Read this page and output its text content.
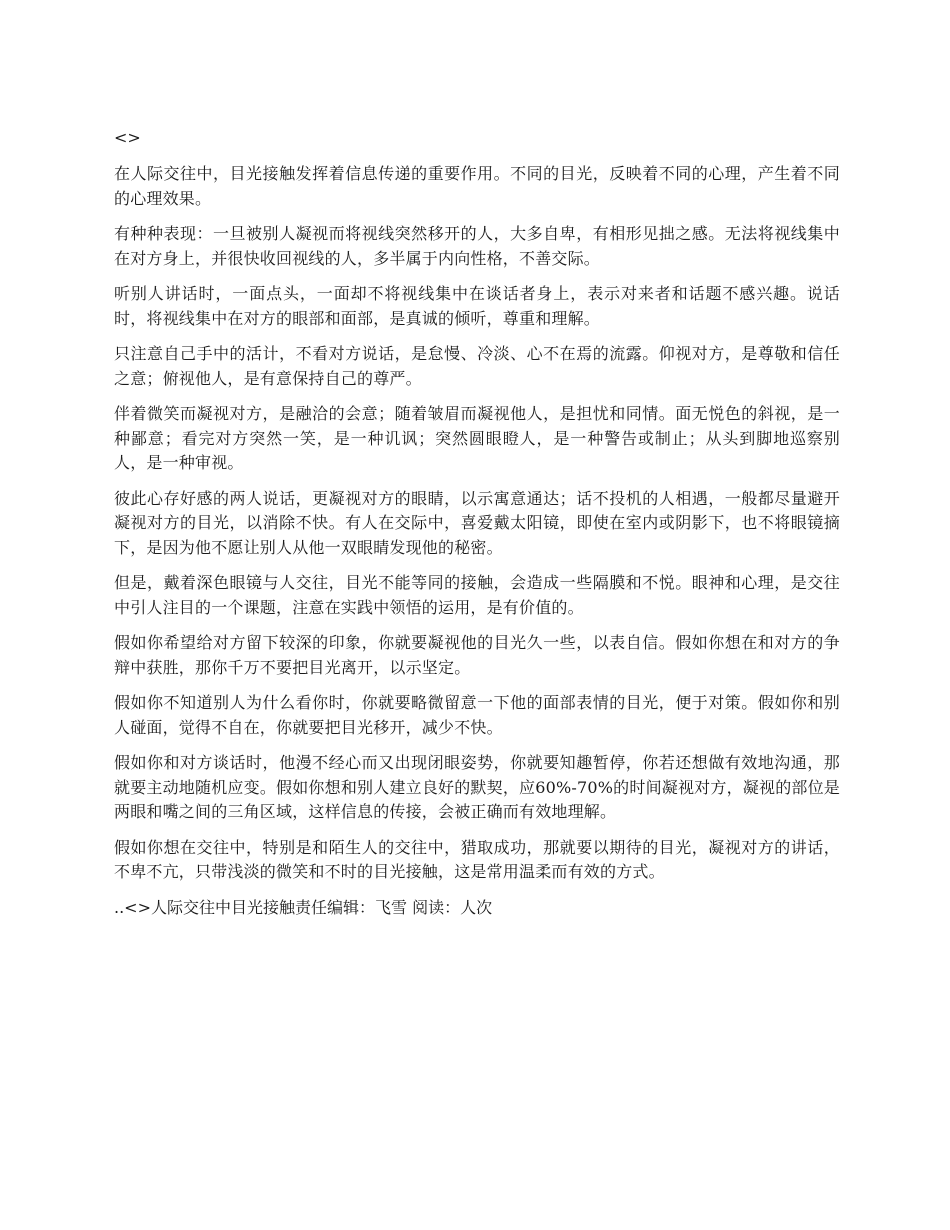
<>

在人际交往中，目光接触发挥着信息传递的重要作用。不同的目光，反映着不同的心理，产生着不同的心理效果。

有种种表现：一旦被别人凝视而将视线突然移开的人，大多自卑，有相形见拙之感。无法将视线集中在对方身上，并很快收回视线的人，多半属于内向性格，不善交际。

听别人讲话时，一面点头，一面却不将视线集中在谈话者身上，表示对来者和话题不感兴趣。说话时，将视线集中在对方的眼部和面部，是真诚的倾听，尊重和理解。

只注意自己手中的活计，不看对方说话，是怠慢、冷淡、心不在焉的流露。仰视对方，是尊敬和信任之意；俯视他人，是有意保持自己的尊严。

伴着微笑而凝视对方，是融洽的会意；随着皱眉而凝视他人，是担忧和同情。面无悦色的斜视，是一种鄙意；看完对方突然一笑，是一种讥讽；突然圆眼瞪人，是一种警告或制止；从头到脚地巡察别人，是一种审视。

彼此心存好感的两人说话，更凝视对方的眼睛，以示寓意通达；话不投机的人相遇，一般都尽量避开凝视对方的目光，以消除不快。有人在交际中，喜爱戴太阳镜，即使在室内或阴影下，也不将眼镜摘下，是因为他不愿让别人从他一双眼睛发现他的秘密。

但是，戴着深色眼镜与人交往，目光不能等同的接触，会造成一些隔膜和不悦。眼神和心理，是交往中引人注目的一个课题，注意在实践中领悟的运用，是有价值的。

假如你希望给对方留下较深的印象，你就要凝视他的目光久一些，以表自信。假如你想在和对方的争辩中获胜，那你千万不要把目光离开，以示坚定。

假如你不知道别人为什么看你时，你就要略微留意一下他的面部表情的目光，便于对策。假如你和别人碰面，觉得不自在，你就要把目光移开，减少不快。

假如你和对方谈话时，他漫不经心而又出现闭眼姿势，你就要知趣暂停，你若还想做有效地沟通，那就要主动地随机应变。假如你想和别人建立良好的默契，应60%-70%的时间凝视对方，凝视的部位是两眼和嘴之间的三角区域，这样信息的传接，会被正确而有效地理解。

假如你想在交往中，特别是和陌生人的交往中，猎取成功，那就要以期待的目光，凝视对方的讲话，不卑不亢，只带浅淡的微笑和不时的目光接触，这是常用温柔而有效的方式。

..<>人际交往中目光接触责任编辑：飞雪 阅读：人次
